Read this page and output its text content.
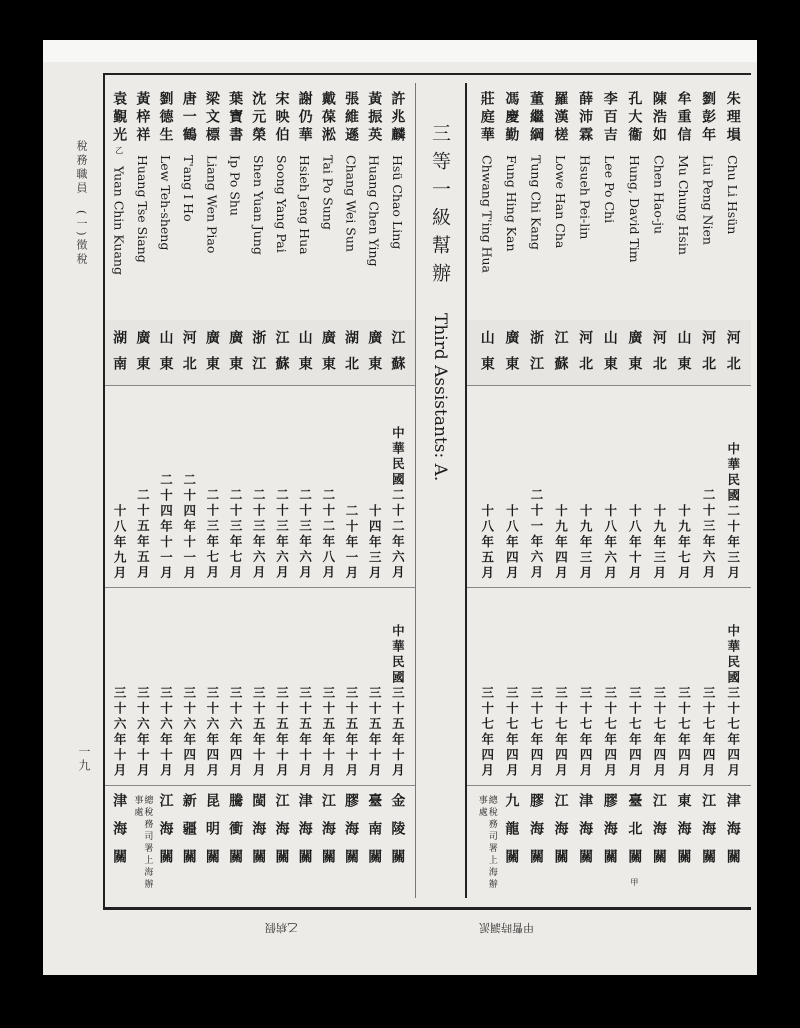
稅務職員　(一)徵稅
一九
許兆麟
Hsü Chao Ling
黃振英
Huang Chen Ying
張維遜
Chang Wei Sun
戴葆淞
Tai Po Sung
謝仍華
Hsieh Jeng Hua
宋映伯
Soong Yang Pai
沈元榮
Shen Yuan Jung
葉寶書
Ip Po Shu
梁文標
Liang Wen Piao
唐一鶴
T'ang I Ho
劉德生
Lew Teh-sheng
黃梓祥
Huang Tse Siang
袁覲光
乙
Yuan Chin Kuang
江蘇
廣東
湖北
廣東
山東
江蘇
浙江
廣東
廣東
河北
山東
廣東
湖南
中華民國二十二年六月
十四年三月
二十年一月
二十二年八月
二十三年六月
二十三年六月
二十三年六月
二十三年七月
二十三年七月
二十四年十一月
二十四年十一月
二十五年五月
十八年九月
中華民國三十五年十月
三十五年十月
三十五年十月
三十五年十月
三十五年十月
三十五年十月
三十五年十月
三十六年四月
三十六年四月
三十六年四月
三十六年十月
三十六年十月
三十六年十月
金陵關
臺南關
膠海關
江海關
津海關
江海關
閩海關
騰衝關
昆明關
新疆關
江海關
總稅務司署上海辦事處
津海關
三等一級幫辦 Third Assistants: A.
朱理塤
Chu Li Hsün
劉彭年
Liu Peng Nien
牟重信
Mu Chung Hsin
陳浩如
Chen Hao-ju
孔大衞
Hung, David Tim
李百吉
Lee Po Chi
薛沛霖
Hsueh Pei-lin
羅漢槎
Lowe Han Cha
董繼綱
Tung Chi Kang
馮慶勤
Fung Hing Kan
莊庭華
Chwang T'ing Hua
河北
河北
山東
河北
廣東
山東
河北
江蘇
浙江
廣東
山東
中華民國二十年三月
二十三年六月
十九年七月
十九年三月
十八年十月
十八年六月
十九年三月
十九年四月
二十一年六月
十八年四月
十八年五月
中華民國三十七年四月
三十七年四月
三十七年四月
三十七年四月
三十七年四月
三十七年四月
三十七年四月
三十七年四月
三十七年四月
三十七年四月
三十七年四月
津海關
江海關
東海關
江海關
臺北關
甲
膠海關
津海關
江海關
膠海關
九龍關
總稅務司署上海辦事處
乙病假	甲暫時調派
